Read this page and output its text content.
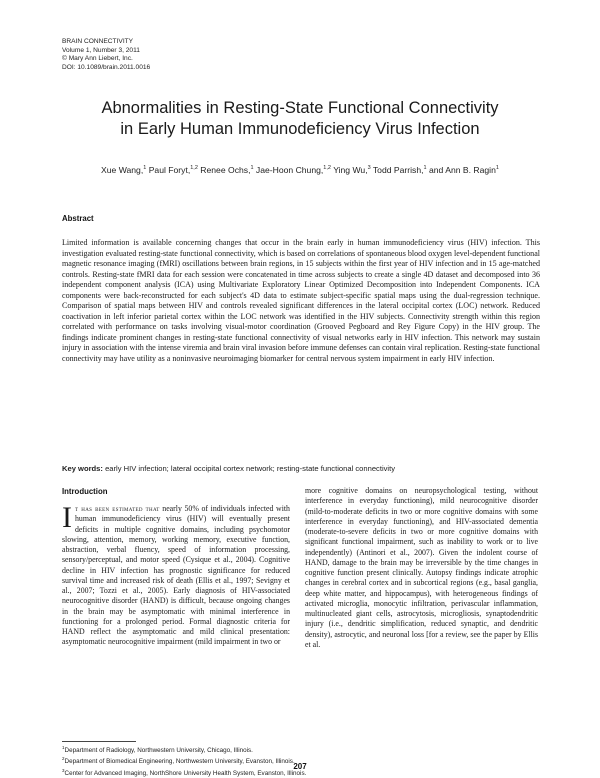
BRAIN CONNECTIVITY
Volume 1, Number 3, 2011
© Mary Ann Liebert, Inc.
DOI: 10.1089/brain.2011.0016
Abnormalities in Resting-State Functional Connectivity
in Early Human Immunodeficiency Virus Infection
Xue Wang,$^1$ Paul Foryt,$^{1,2}$ Renee Ochs,$^1$ Jae-Hoon Chung,$^{1,2}$ Ying Wu,$^3$ Todd Parrish,$^1$ and Ann B. Ragin$^1$
Abstract
Limited information is available concerning changes that occur in the brain early in human immunodeficiency virus (HIV) infection. This investigation evaluated resting-state functional connectivity, which is based on correlations of spontaneous blood oxygen level-dependent functional magnetic resonance imaging (fMRI) oscillations between brain regions, in 15 subjects within the first year of HIV infection and in 15 age-matched controls. Resting-state fMRI data for each session were concatenated in time across subjects to create a single 4D dataset and decomposed into 36 independent component analysis (ICA) using Multivariate Exploratory Linear Optimized Decomposition into Independent Components. ICA components were back-reconstructed for each subject's 4D data to estimate subject-specific spatial maps using the dual-regression technique. Comparison of spatial maps between HIV and controls revealed significant differences in the lateral occipital cortex (LOC) network. Reduced coactivation in left inferior parietal cortex within the LOC network was identified in the HIV subjects. Connectivity strength within this region correlated with performance on tasks involving visual-motor coordination (Grooved Pegboard and Rey Figure Copy) in the HIV group. The findings indicate prominent changes in resting-state functional connectivity of visual networks early in HIV infection. This network may sustain injury in association with the intense viremia and brain viral invasion before immune defenses can contain viral replication. Resting-state functional connectivity may have utility as a noninvasive neuroimaging biomarker for central nervous system impairment in early HIV infection.
Key words: early HIV infection; lateral occipital cortex network; resting-state functional connectivity
Introduction
It has been estimated that nearly 50% of individuals infected with human immunodeficiency virus (HIV) will eventually present deficits in multiple cognitive domains, including psychomotor slowing, attention, memory, working memory, executive function, abstraction, verbal fluency, speed of information processing, sensory/perceptual, and motor speed (Cysique et al., 2004). Cognitive decline in HIV infection has prognostic significance for reduced survival time and increased risk of death (Ellis et al., 1997; Sevigny et al., 2007; Tozzi et al., 2005). Early diagnosis of HIV-associated neurocognitive disorder (HAND) is difficult, because ongoing changes in the brain may be asymptomatic with minimal interference in functioning for a prolonged period. Formal diagnostic criteria for HAND reflect the asymptomatic and mild clinical presentation: asymptomatic neurocognitive impairment (mild impairment in two or
more cognitive domains on neuropsychological testing, without interference in everyday functioning), mild neurocognitive disorder (mild-to-moderate deficits in two or more cognitive domains with some interference in everyday functioning), and HIV-associated dementia (moderate-to-severe deficits in two or more cognitive domains with significant functional impairment, such as inability to work or to live independently) (Antinori et al., 2007). Given the indolent course of HAND, damage to the brain may be irreversible by the time changes in cognitive function present clinically. Autopsy findings indicate atrophic changes in cerebral cortex and in subcortical regions (e.g., basal ganglia, deep white matter, and hippocampus), with heterogeneous findings of activated microglia, monocytic infiltration, perivascular inflammation, multinucleated giant cells, astrocytosis, microgliosis, synaptodendritic injury (i.e., dendritic simplification, reduced synaptic, and dendritic density), astrocytic, and neuronal loss [for a review, see the paper by Ellis et al.
$^1$Department of Radiology, Northwestern University, Chicago, Illinois.
$^2$Department of Biomedical Engineering, Northwestern University, Evanston, Illinois.
$^3$Center for Advanced Imaging, NorthShore University Health System, Evanston, Illinois.
207
